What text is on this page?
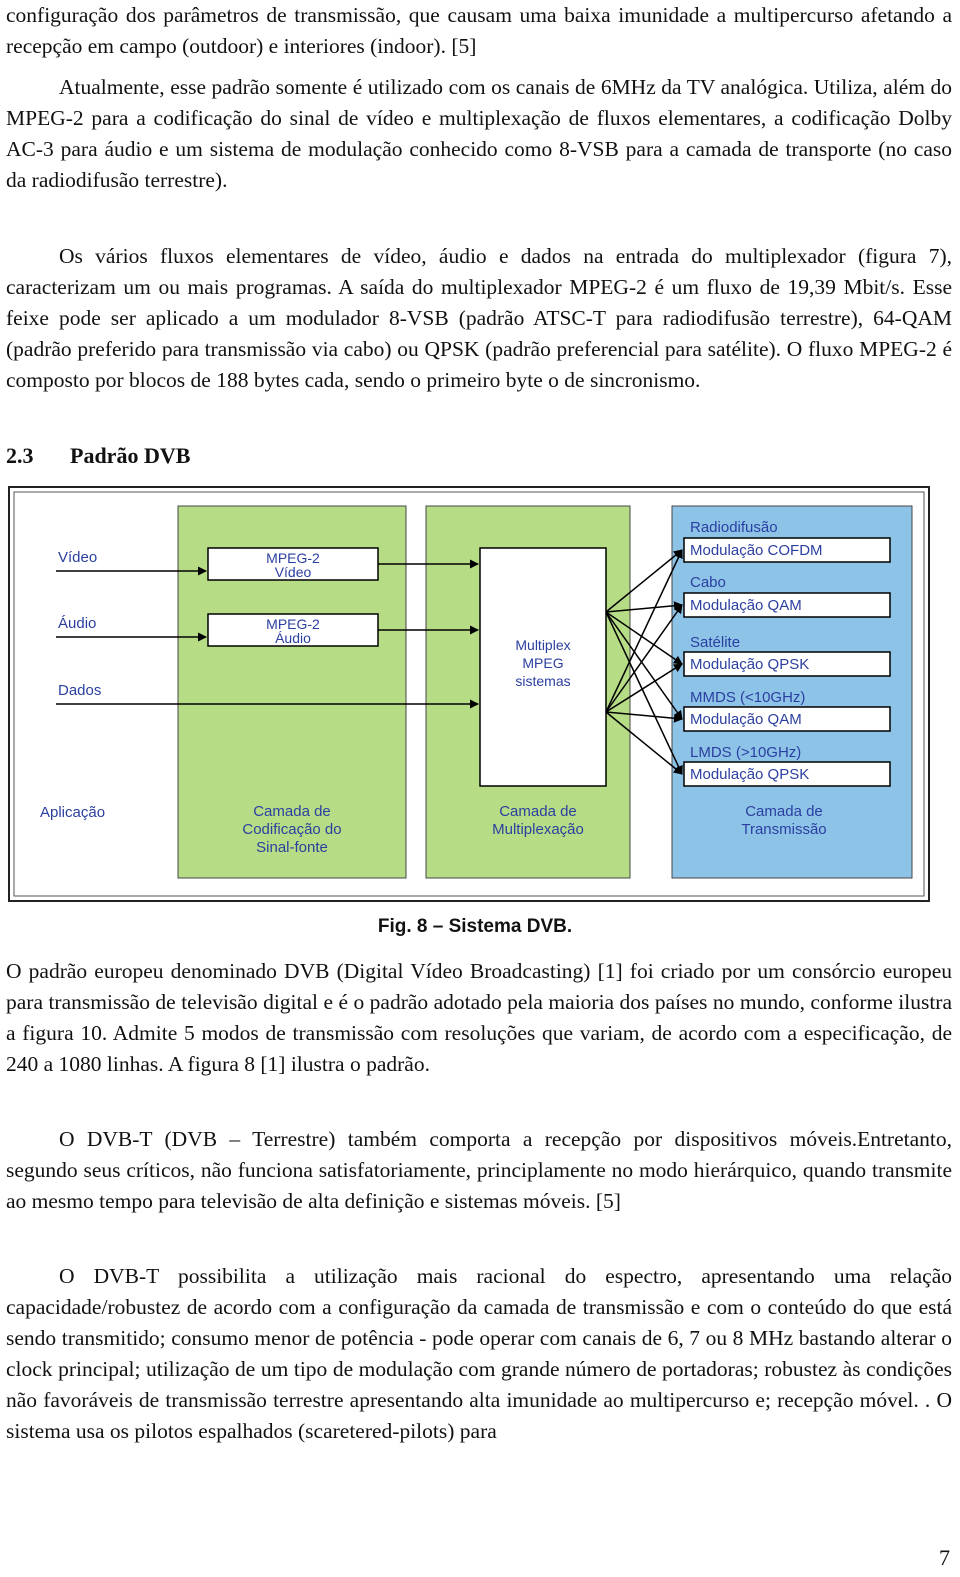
configuração dos parâmetros de transmissão, que causam uma baixa imunidade a multipercurso afetando a recepção em campo (outdoor) e interiores (indoor). [5]

Atualmente, esse padrão somente é utilizado com os canais de 6MHz da TV analógica. Utiliza, além do MPEG-2 para a codificação do sinal de vídeo e multiplexação de fluxos elementares, a codificação Dolby AC-3 para áudio e um sistema de modulação conhecido como 8-VSB para a camada de transporte (no caso da radiodifusão terrestre).

Os vários fluxos elementares de vídeo, áudio e dados na entrada do multiplexador (figura 7), caracterizam um ou mais programas. A saída do multiplexador MPEG-2 é um fluxo de 19,39 Mbit/s. Esse feixe pode ser aplicado a um modulador 8-VSB (padrão ATSC-T para radiodifusão terrestre), 64-QAM (padrão preferido para transmissão via cabo) ou QPSK (padrão preferencial para satélite). O fluxo MPEG-2 é composto por blocos de 188 bytes cada, sendo o primeiro byte o de sincronismo.

2.3 Padrão DVB
Vídeo
Áudio
Dados
Aplicação
MPEG-2
Vídeo
MPEG-2
Áudio	Multiplex
MPEG
sistemas
Radiodifusão
Modulação COFDM
Cabo
Modulação QAM
Satélite
Modulação QPSK
MMDS (<10GHz)
Modulação QAM
LMDS (>10GHz)
Modulação QPSK
Camada de
Codificação do
Sinal-fonte
Camada de
Multiplexação
Camada de
Transmissão
Fig. 8 – Sistema DVB.

O padrão europeu denominado DVB (Digital Vídeo Broadcasting) [1] foi criado por um consórcio europeu para transmissão de televisão digital e é o padrão adotado pela maioria dos países no mundo, conforme ilustra a figura 10. Admite 5 modos de transmissão com resoluções que variam, de acordo com a especificação, de 240 a 1080 linhas. A figura 8 [1] ilustra o padrão.

O DVB-T (DVB – Terrestre) também comporta a recepção por dispositivos móveis.Entretanto, segundo seus críticos, não funciona satisfatoriamente, principlamente no modo hierárquico, quando transmite ao mesmo tempo para televisão de alta definição e sistemas móveis. [5]

O DVB-T possibilita a utilização mais racional do espectro, apresentando uma relação capacidade/robustez de acordo com a configuração da camada de transmissão e com o conteúdo do que está sendo transmitido; consumo menor de potência - pode operar com canais de 6, 7 ou 8 MHz bastando alterar o clock principal; utilização de um tipo de modulação com grande número de portadoras; robustez às condições não favoráveis de transmissão terrestre apresentando alta imunidade ao multipercurso e; recepção móvel. . O sistema usa os pilotos espalhados (scaretered-pilots) para

7
